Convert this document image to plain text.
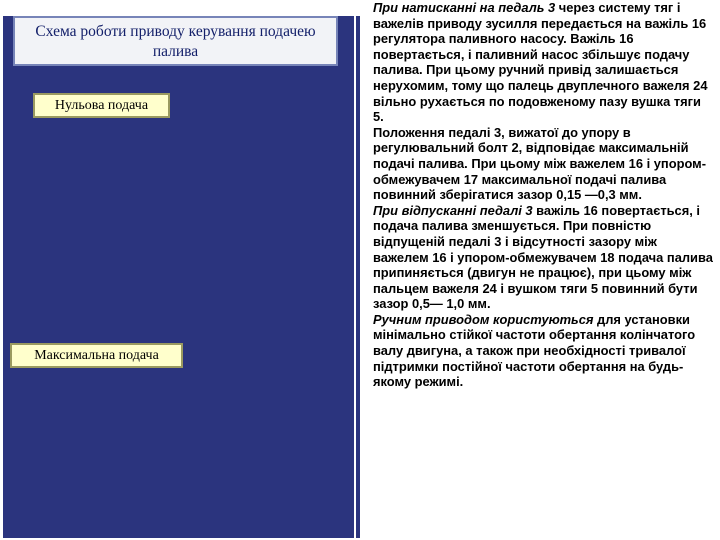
Схема роботи приводу керування подачею палива
Нульова подача
Максимальна подача
При натисканні на педаль 3 через систему тяг і важелів приводу зусилля передається на важіль 16 регулятора паливного насосу. Важіль 16 повертається, і паливний насос збільшує подачу палива. При цьому ручний привід залишається нерухомим, тому що палець двуплечного важеля 24 вільно рухається по подовженому пазу вушка тяги 5.
Положення педалі 3, вижатої до упору в регулювальний болт 2, відповідає максимальній подачі палива. При цьому між важелем 16 і упором-обмежувачем 17 максимальної подачі палива повинний зберігатися зазор 0,15 —0,3 мм.
При відпусканні педалі 3 важіль 16 повертається, і подача палива зменшується. При повністю відпущеній педалі 3 і відсутності зазору між важелем 16 і упором-обмежувачем 18 подача палива припиняється (двигун не працює), при цьому між пальцем важеля 24 і вушком тяги 5 повинний бути зазор 0,5— 1,0 мм.
Ручним приводом користуються для установки мінімально стійкої частоти обертання колінчатого валу двигуна, а також при необхідності тривалої підтримки постійної частоти обертання на будь-якому режимі.
